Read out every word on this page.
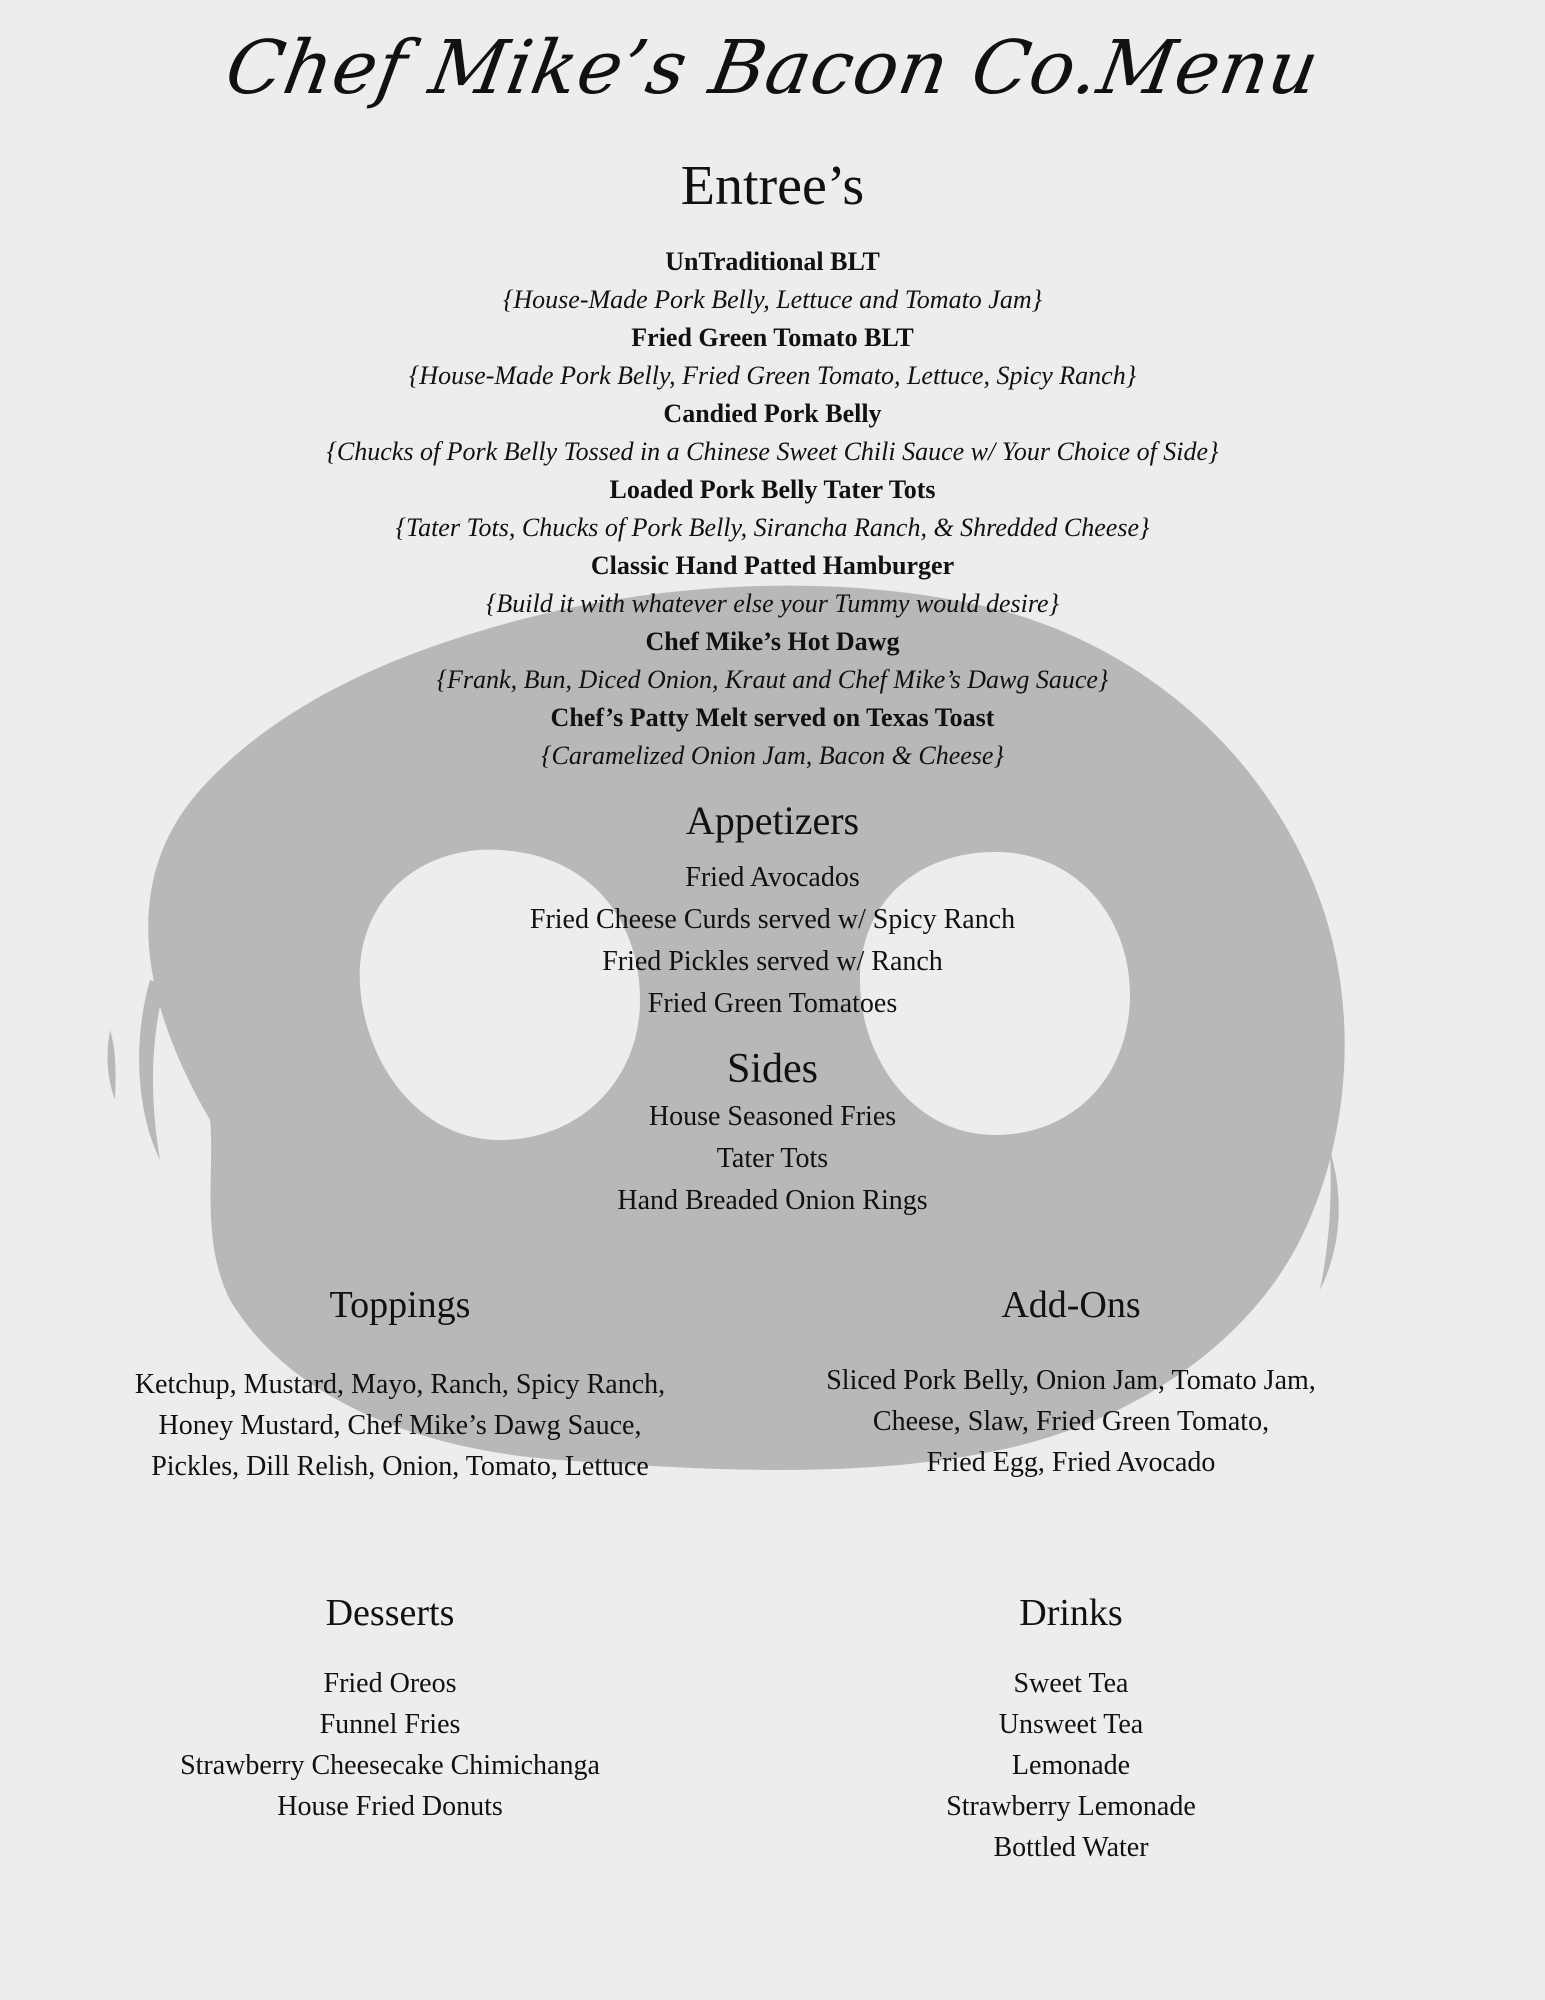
Chef Mike’s Bacon Co.Menu
Entree’s
UnTraditional BLT
{House-Made Pork Belly, Lettuce and Tomato Jam}
Fried Green Tomato BLT
{House-Made Pork Belly, Fried Green Tomato, Lettuce, Spicy Ranch}
Candied Pork Belly
{Chucks of Pork Belly Tossed in a Chinese Sweet Chili Sauce w/ Your Choice of Side}
Loaded Pork Belly Tater Tots
{Tater Tots, Chucks of Pork Belly, Sirancha Ranch, & Shredded Cheese}
Classic Hand Patted Hamburger
{Build it with whatever else your Tummy would desire}
Chef Mike’s Hot Dawg
{Frank, Bun, Diced Onion, Kraut and Chef Mike’s Dawg Sauce}
Chef’s Patty Melt served on Texas Toast
{Caramelized Onion Jam, Bacon & Cheese}
Appetizers
Fried Avocados
Fried Cheese Curds served w/ Spicy Ranch
Fried Pickles served w/ Ranch
Fried Green Tomatoes
Sides
House Seasoned Fries
Tater Tots
Hand Breaded Onion Rings
Toppings
Ketchup, Mustard, Mayo, Ranch, Spicy Ranch,
Honey Mustard, Chef Mike’s Dawg Sauce,
Pickles, Dill Relish, Onion, Tomato, Lettuce
Add-Ons
Sliced Pork Belly, Onion Jam, Tomato Jam,
Cheese, Slaw, Fried Green Tomato,
Fried Egg, Fried Avocado
Desserts
Fried Oreos
Funnel Fries
Strawberry Cheesecake Chimichanga
House Fried Donuts
Drinks
Sweet Tea
Unsweet Tea
Lemonade
Strawberry Lemonade
Bottled Water
